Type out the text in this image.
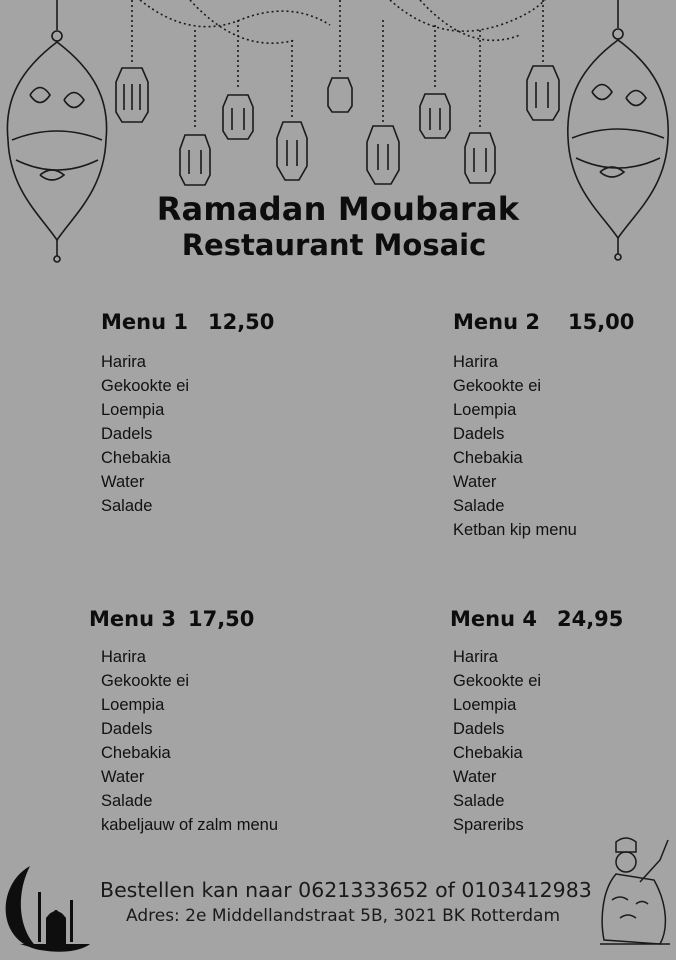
Ramadan Moubarak
Restaurant Mosaic
Menu 1 12,50
Harira
Gekookte ei
Loempia
Dadels
Chebakia
Water
Salade
Menu 2 15,00
Harira
Gekookte ei
Loempia
Dadels
Chebakia
Water
Salade
Ketban kip menu
Menu 3 17,50
Harira
Gekookte ei
Loempia
Dadels
Chebakia
Water
Salade
kabeljauw of zalm menu
Menu 4 24,95
Harira
Gekookte ei
Loempia
Dadels
Chebakia
Water
Salade
Spareribs
Bestellen kan naar 0621333652 of 0103412983
Adres: 2e Middellandstraat 5B, 3021 BK Rotterdam
